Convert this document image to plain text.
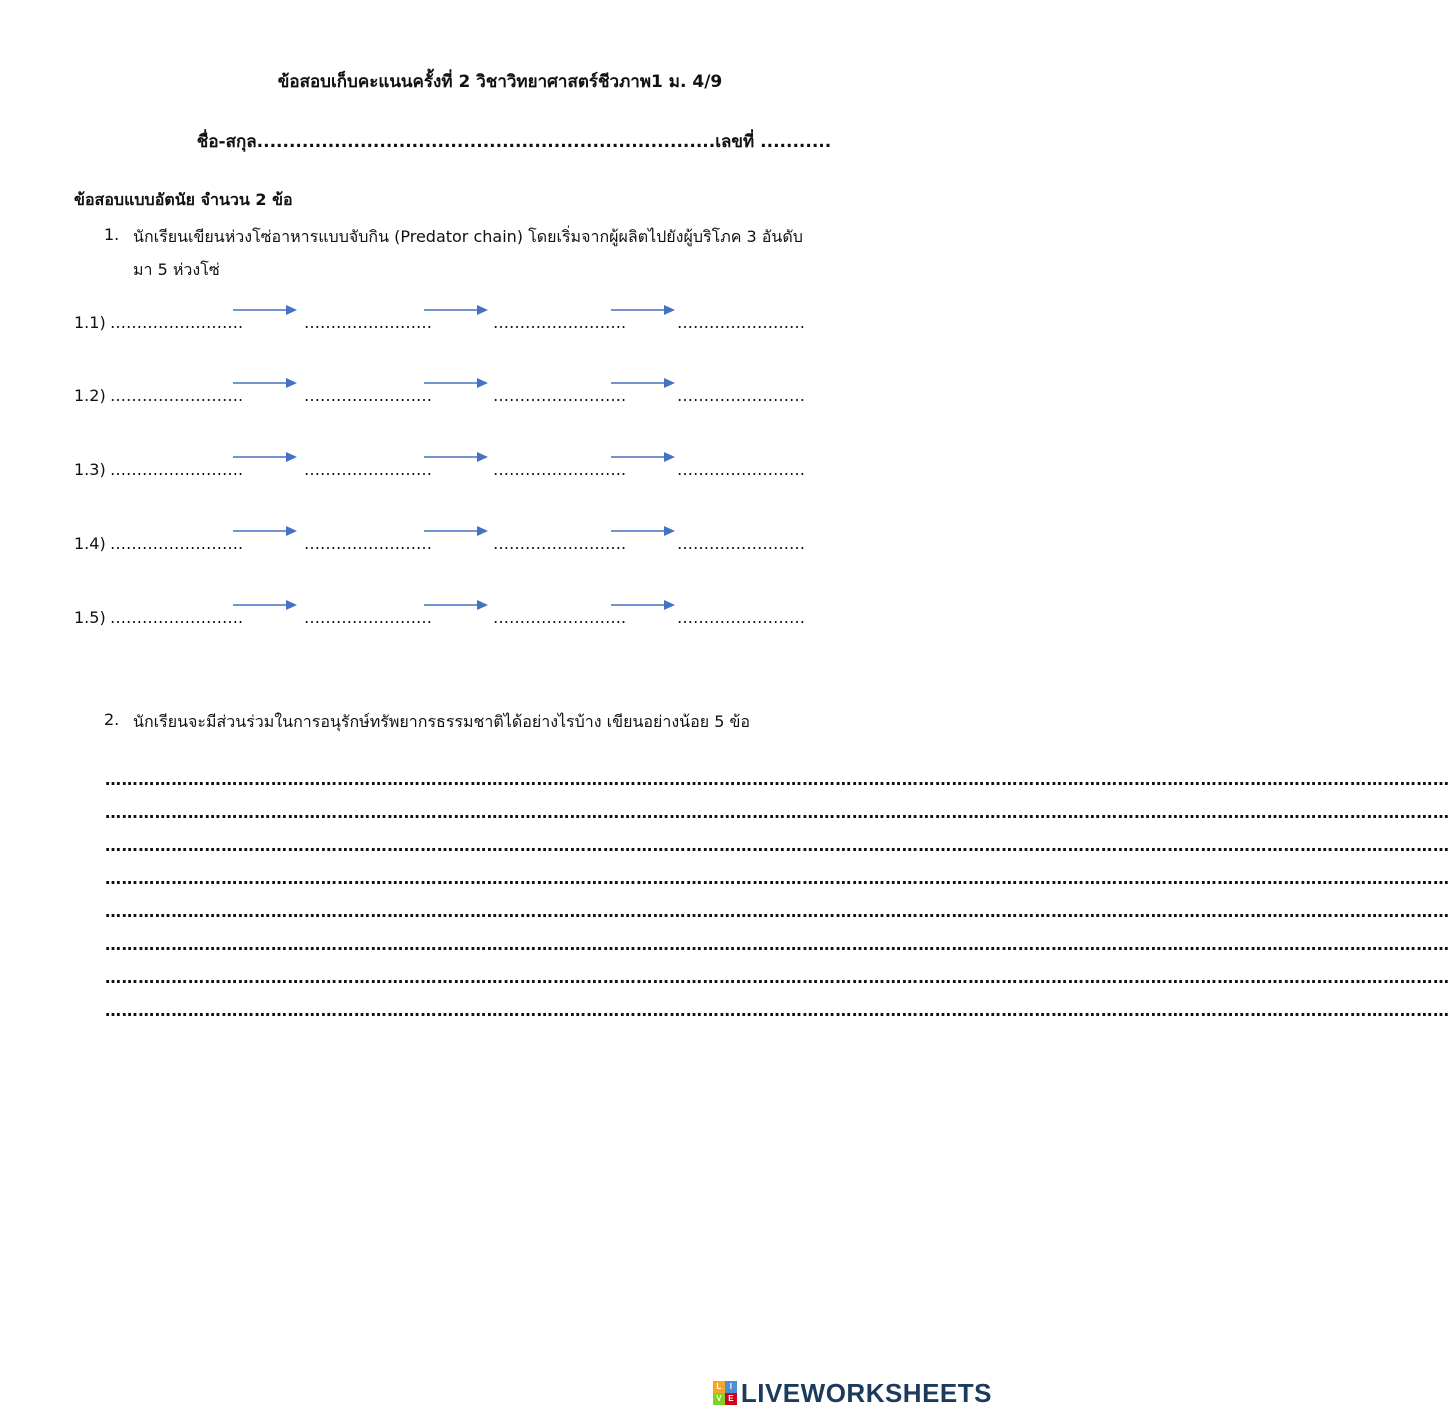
ข้อสอบเก็บคะแนนครั้งที่ 2 วิชาวิทยาศาสตร์ชีวภาพ1 ม. 4/9
ชื่อ-สกุล.......................................................................เลขที่ ...........
ข้อสอบแบบอัตนัย จำนวน 2 ข้อ
1. นักเรียนเขียนห่วงโซ่อาหารแบบจับกิน (Predator chain) โดยเริ่มจากผู้ผลิตไปยังผู้บริโภค 3 อันดับ
มา 5 ห่วงโซ่
1.1) …………………….	……………………	…………………….	……………………
1.2) …………………….	……………………	…………………….	……………………
1.3) …………………….	……………………	…………………….	……………………
1.4) …………………….	……………………	…………………….	……………………
1.5) …………………….	……………………	…………………….	……………………
2. นักเรียนจะมีส่วนร่วมในการอนุรักษ์ทรัพยากรธรรมชาติได้อย่างไรบ้าง เขียนอย่างน้อย 5 ข้อ
………………………………………………………………………………………………………………………………………………………………………………………………………………………
………………………………………………………………………………………………………………………………………………………………………………………………………………………
………………………………………………………………………………………………………………………………………………………………………………………………………………………
………………………………………………………………………………………………………………………………………………………………………………………………………………………
………………………………………………………………………………………………………………………………………………………………………………………………………………………
………………………………………………………………………………………………………………………………………………………………………………………………………………………
………………………………………………………………………………………………………………………………………………………………………………………………………………………
………………………………………………………………………………………………………………………………………………………………………………………………………………………
L	I
V E LIVEWORKSHEETS
